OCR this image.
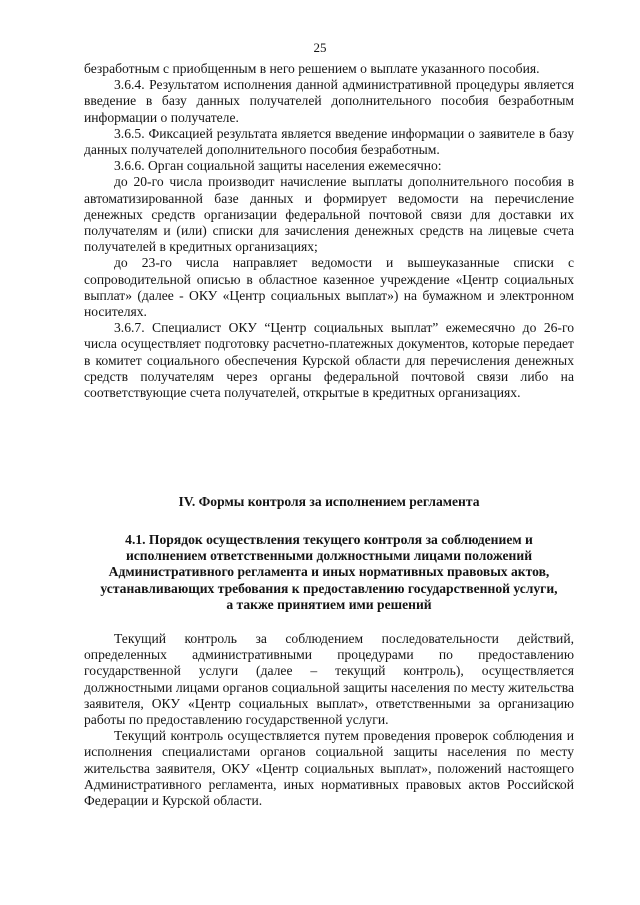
25

безработным с приобщенным в него решением о выплате указанного пособия.

3.6.4. Результатом исполнения данной административной процедуры является введение в базу данных получателей дополнительного пособия безработным информации о получателе.

3.6.5. Фиксацией результата является введение информации о заявителе в базу данных получателей дополнительного пособия безработным.

3.6.6. Орган социальной защиты населения ежемесячно:

до 20-го числа производит начисление выплаты дополнительного пособия в автоматизированной базе данных и формирует ведомости на перечисление денежных средств организации федеральной почтовой связи для доставки их получателям и (или) списки для зачисления денежных средств на лицевые счета получателей в кредитных организациях;

до 23-го числа направляет ведомости и вышеуказанные списки с сопроводительной описью в областное казенное учреждение «Центр социальных выплат» (далее - ОКУ «Центр социальных выплат») на бумажном и электронном носителях.

3.6.7. Специалист ОКУ “Центр социальных выплат” ежемесячно до 26-го числа осуществляет подготовку расчетно-платежных документов, которые передает в комитет социального обеспечения Курской области для перечисления денежных средств получателям через органы федеральной почтовой связи либо на соответствующие счета получателей, открытые в кредитных организациях.

IV. Формы контроля за исполнением регламента

4.1. Порядок осуществления текущего контроля за соблюдением и исполнением ответственными должностными лицами положений Административного регламента и иных нормативных правовых актов, устанавливающих требования к предоставлению государственной услуги, а также принятием ими решений

Текущий контроль за соблюдением последовательности действий, определенных административными процедурами по предоставлению государственной услуги (далее – текущий контроль), осуществляется должностными лицами органов социальной защиты населения по месту жительства заявителя, ОКУ «Центр социальных выплат», ответственными за организацию работы по предоставлению государственной услуги.

Текущий контроль осуществляется путем проведения проверок соблюдения и исполнения специалистами органов социальной защиты населения по месту жительства заявителя, ОКУ «Центр социальных выплат», положений настоящего Административного регламента, иных нормативных правовых актов Российской Федерации и Курской области.
